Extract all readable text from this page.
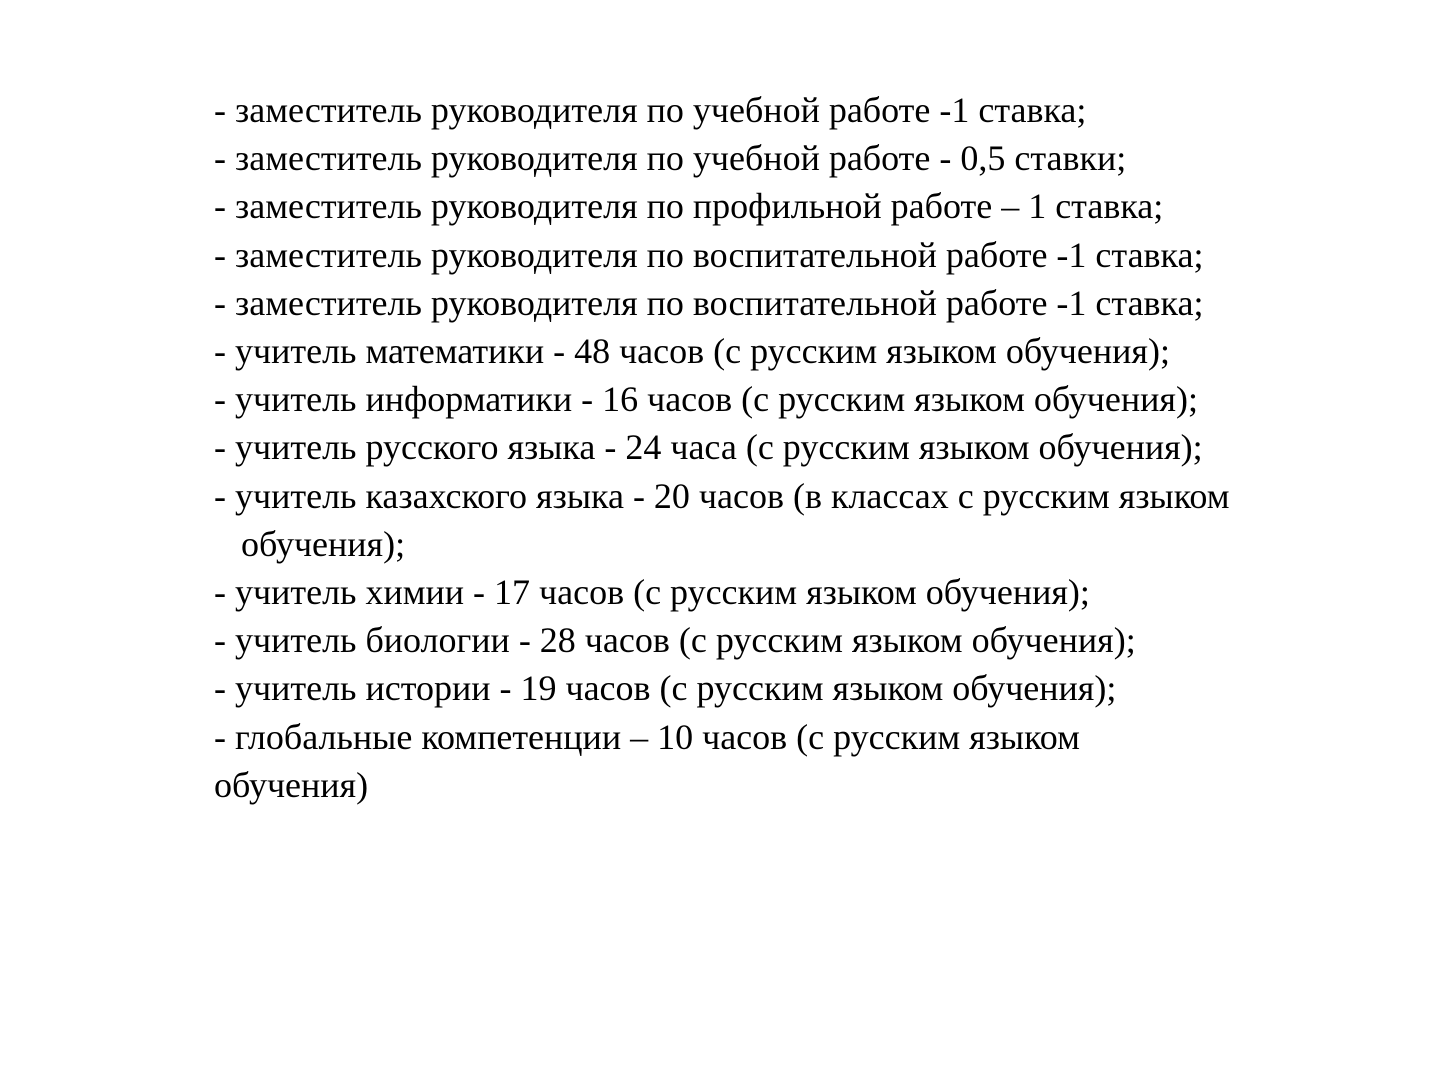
- заместитель руководителя по учебной работе -1 ставка;
- заместитель руководителя по учебной работе - 0,5 ставки;
- заместитель руководителя по профильной работе – 1 ставка;
- заместитель руководителя по воспитательной работе -1 ставка;
- заместитель руководителя по воспитательной работе -1 ставка;
- учитель математики - 48 часов (с русским языком обучения);
- учитель информатики - 16 часов (с русским языком обучения);
- учитель русского языка - 24 часа (с русским языком обучения);
- учитель казахского языка - 20 часов (в классах с русским языком обучения);
- учитель химии - 17 часов (с русским языком обучения);
- учитель биологии - 28 часов (с русским языком обучения);
- учитель истории - 19 часов (с русским языком обучения);
- глобальные компетенции – 10 часов (с русским языком обучения)
